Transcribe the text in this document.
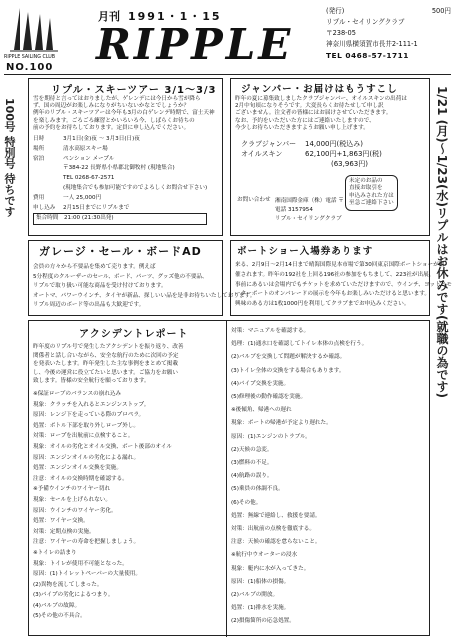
RIPPLE SAILING CLUB
NO.100
月刊 1991・1・15
RIPPLE
(発行)	500円
リプル・セイリングクラブ
〒238-05
神奈川県横須賀市長井2-111-1
TEL 0468-57-1711
100号 特別号 待ちです	1/21 (月)〜1/23(水)リプルはお休みです(就職の為です)
リプル・スキーツアー 3/1〜3/3
雪を期待と言ってはおりましたが、ゲレンデには今日から雪が降ら
ず、国の周辺がお楽しみになりがちいないかなとでしょうか？
例年のリプル・スキーツアーは今年も3月の白ゲレンデ時期で、富士天神
を楽しみます。ごろごろ練習とかいろいろ今、しばらくお待ちの
前の予約をお待ちしております。定員に申し込んでください。
日時	3月1日(金)夜 〜 3月3日(日)夜
場所	清水高原スキー場
宿泊	ペンション メープル
〒384-22 長野県小県郡北御牧村 (現地集合)
TEL 0268-67-2571
(現地集合でも参加可能ですのでよろしくお問合せ下さい)
費用	一人 25,000円
申し込み	2月15日までにリプルまで
集合時間	21:00 (21:30出発)
ジャンパー・お届けはもうすこし
昨年の夏に募集致しましたクラブジャンパー、オイルスキンの出荷は
2月中旬頃になりそうです。大変長らくお待たせして申し訳
ございません。注文者の皆様にはお届けさせていただきます。
なお、予約をいただいた方にはご連絡いたしますので、
今少しお待ちいただきますようお願い申し上げます。
クラブジャンパー	14,000円(税込み)
オイルスキン	62,100円+1,863円(税)
(63,963円)
未定のお品の
直接お取引を
申込みされた方は
至急ご連絡下さい
お問い合わせ 湘南国際金庫（株）電話 〒
電話 3157954
リプル・セイリングクラブ
ガレージ・セール・ボードAD
会員の方々から不要品を集めて売ります。例えば
5分程度のクルーザーのセール、ボード、パーツ、グッズ他の不要品、
リプルで取り扱い可能な商品を受け付けております。
オートマ、パワーウインチ、タイヤが新品、探しいい品を是非お待ちいたしております。
リプル周辺のボード等の出品も大歓迎です。
ボートショー入場券あります
来る、2月9日〜2月14日まで晴海国際見本市場で第30回東京国際ボートショーが開
催されます。昨年の192社を上回る196社の参加をもちまして、223社が出展、
事前にあるいは会場内でもチケットを求めていただけますので、ウインチ、ヨットとモ
ーターボートのオンパレードの展示を今年もお楽しみいただけると思います。
興味のある方は1枚1000円を利用してクラブまでお申込みください。
アクシデントレポート
昨年度のリプル号で発生したアクシデントを振り返り、改善
関係者と話し合いながら、安全な航行のために次回の予定
を発表いたします。昨年発生した主な事例をまとめて掲載
し、今後の運営に役立てたいと思います。ご協力をお願い
致します。皆様の安全航行を願っております。
※保証ローブのバランスの崩れ込み
現象：クラッチを入れるとエンジンストップ。
原因：レンジ下を走っている際のプロペラ。
処置：ボトル下部を取り外しロープ外し。
対策：ロープを出航前に点検すること。
現象：オイルの劣化とオイル交換、ボート後部のオイル
原因：エンジンオイルの劣化による漏れ。
処置：エンジンオイル交換を実施。
注意：オイルの交換時期を確認する。
※予備ウインチのワイヤー切れ
現象：セールを上げられない。
原因：ウインチのワイヤー劣化。
処置：ワイヤー交換。
対策：定期点検の実施。
注意：ワイヤーの寿命を把握しましょう。
※トイレの詰まり
現象：トイレが使用不可能となった。
原因：(1)トイレットペーパーの大量使用。
(2)異物を流してしまった。
(3)パイプの劣化によるつまり。
(4)バルブの故障。
(5)その他の不具合。
対策：マニュアルを確認する。
処理：(1)通水口を確認してトイレ本体の点検を行う。
(2)バルブを交換して問題が解決するか確認。
(3)トイレ全体の交換をする場合もあります。
(4)パイプ交換を実施。
(5)修理後の動作確認を実施。
※後傾角、帰港への遅れ
現象：ボートの帰港が予定より遅れた。
原因：(1)エンジンのトラブル。
(2)天候の急変。
(3)燃料の不足。
(4)航路の誤り。
(5)乗員の体調不良。
(6)その他。
処置：無線で連絡し、救援を要請。
対策：出航前の点検を徹底する。
注意：天候の確認を怠らないこと。
※航行中ウオーターの浸水
現象：艇内に水が入ってきた。
原因：(1)船体の損傷。
(2)バルブの開放。
処置：(1)排水を実施。
(2)損傷箇所の応急処置。
